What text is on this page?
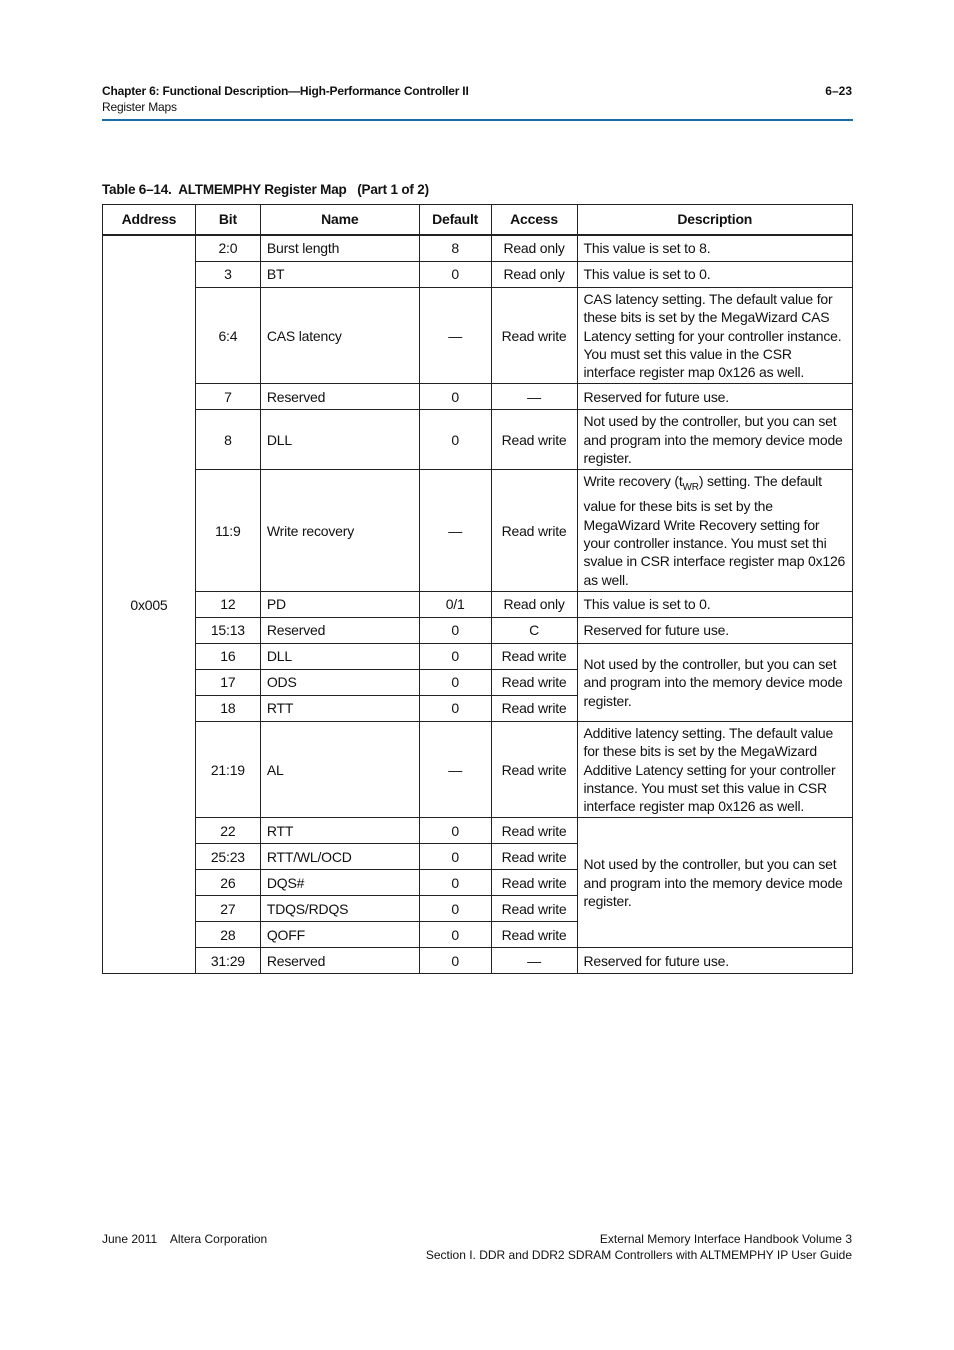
Chapter 6: Functional Description—High-Performance Controller II	6–23
Register Maps
Table 6–14.  ALTMEMPHY Register Map   (Part 1 of 2)
Address	Bit	Name	Default	Access	Description
0x005	2:0	Burst length	8	Read only	This value is set to 8.
	3	BT	0	Read only	This value is set to 0.
	6:4	CAS latency	—	Read write	CAS latency setting. The default value for these bits is set by the MegaWizard CAS Latency setting for your controller instance. You must set this value in the CSR interface register map 0x126 as well.
	7	Reserved	0	—	Reserved for future use.
	8	DLL	0	Read write	Not used by the controller, but you can set and program into the memory device mode register.
	11:9	Write recovery	—	Read write	Write recovery $(t_{WR})$ setting. The default value for these bits is set by the MegaWizard Write Recovery setting for your controller instance. You must set thi svalue in CSR interface register map 0x126 as well.
	12	PD	0/1	Read only	This value is set to 0.
	15:13	Reserved	0	C	Reserved for future use.
	16	DLL	0	Read write	Not used by the controller, but you can set and program into the memory device mode register.
	17	ODS	0	Read write	
	18	RTT	0	Read write	
	21:19	AL	—	Read write	Additive latency setting. The default value for these bits is set by the MegaWizard Additive Latency setting for your controller instance. You must set this value in CSR interface register map 0x126 as well.
	22	RTT	0	Read write	Not used by the controller, but you can set and program into the memory device mode register.
	25:23	RTT/WL/OCD	0	Read write	
	26	DQS#	0	Read write	
	27	TDQS/RDQS	0	Read write	
	28	QOFF	0	Read write	
	31:29	Reserved	0	—	Reserved for future use.
June 2011    Altera Corporation	External Memory Interface Handbook Volume 3
Section I. DDR and DDR2 SDRAM Controllers with ALTMEMPHY IP User Guide
